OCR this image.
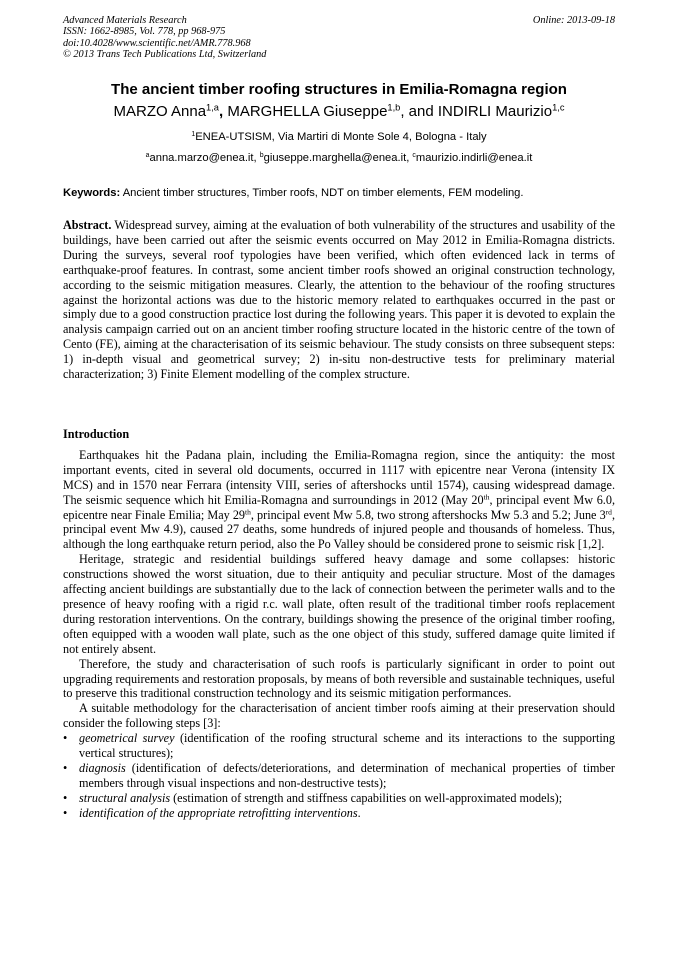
Advanced Materials Research
ISSN: 1662-8985, Vol. 778, pp 968-975
doi:10.4028/www.scientific.net/AMR.778.968
© 2013 Trans Tech Publications Ltd, Switzerland
Online: 2013-09-18
The ancient timber roofing structures in Emilia-Romagna region
MARZO Anna$^{1,a}$, MARGHELLA Giuseppe$^{1,b}$, and INDIRLI Maurizio$^{1,c}$
$^1$ENEA-UTSISM, Via Martiri di Monte Sole 4, Bologna - Italy
$^a$anna.marzo@enea.it, $^b$giuseppe.marghella@enea.it, $^c$maurizio.indirli@enea.it
Keywords: Ancient timber structures, Timber roofs, NDT on timber elements, FEM modeling.

Abstract. Widespread survey, aiming at the evaluation of both vulnerability of the structures and usability of the buildings, have been carried out after the seismic events occurred on May 2012 in Emilia-Romagna districts. During the surveys, several roof typologies have been verified, which often evidenced lack in terms of earthquake-proof features. In contrast, some ancient timber roofs showed an original construction technology, according to the seismic mitigation measures. Clearly, the attention to the behaviour of the roofing structures against the horizontal actions was due to the historic memory related to earthquakes occurred in the past or simply due to a good construction practice lost during the following years. This paper it is devoted to explain the analysis campaign carried out on an ancient timber roofing structure located in the historic centre of the town of Cento (FE), aiming at the characterisation of its seismic behaviour. The study consists on three subsequent steps: 1) in-depth visual and geometrical survey; 2) in-situ non-destructive tests for preliminary material characterization; 3) Finite Element modelling of the complex structure.

Introduction

Earthquakes hit the Padana plain, including the Emilia-Romagna region, since the antiquity: the most important events, cited in several old documents, occurred in 1117 with epicentre near Verona (intensity IX MCS) and in 1570 near Ferrara (intensity VIII, series of aftershocks until 1574), causing widespread damage. The seismic sequence which hit Emilia-Romagna and surroundings in 2012 (May 20th, principal event Mw 6.0, epicentre near Finale Emilia; May 29th, principal event Mw 5.8, two strong aftershocks Mw 5.3 and 5.2; June 3rd, principal event Mw 4.9), caused 27 deaths, some hundreds of injured people and thousands of homeless. Thus, although the long earthquake return period, also the Po Valley should be considered prone to seismic risk [1,2].

Heritage, strategic and residential buildings suffered heavy damage and some collapses: historic constructions showed the worst situation, due to their antiquity and peculiar structure. Most of the damages affecting ancient buildings are substantially due to the lack of connection between the perimeter walls and to the presence of heavy roofing with a rigid r.c. wall plate, often result of the traditional timber roofs replacement during restoration interventions. On the contrary, buildings showing the presence of the original timber roofing, often equipped with a wooden wall plate, such as the one object of this study, suffered damage quite limited if not entirely absent.

Therefore, the study and characterisation of such roofs is particularly significant in order to point out upgrading requirements and restoration proposals, by means of both reversible and sustainable techniques, useful to preserve this traditional construction technology and its seismic mitigation performances.

A suitable methodology for the characterisation of ancient timber roofs aiming at their preservation should consider the following steps [3]:

• geometrical survey (identification of the roofing structural scheme and its interactions to the supporting vertical structures);
• diagnosis (identification of defects/deteriorations, and determination of mechanical properties of timber members through visual inspections and non-destructive tests);
• structural analysis (estimation of strength and stiffness capabilities on well-approximated models);
• identification of the appropriate retrofitting interventions.
